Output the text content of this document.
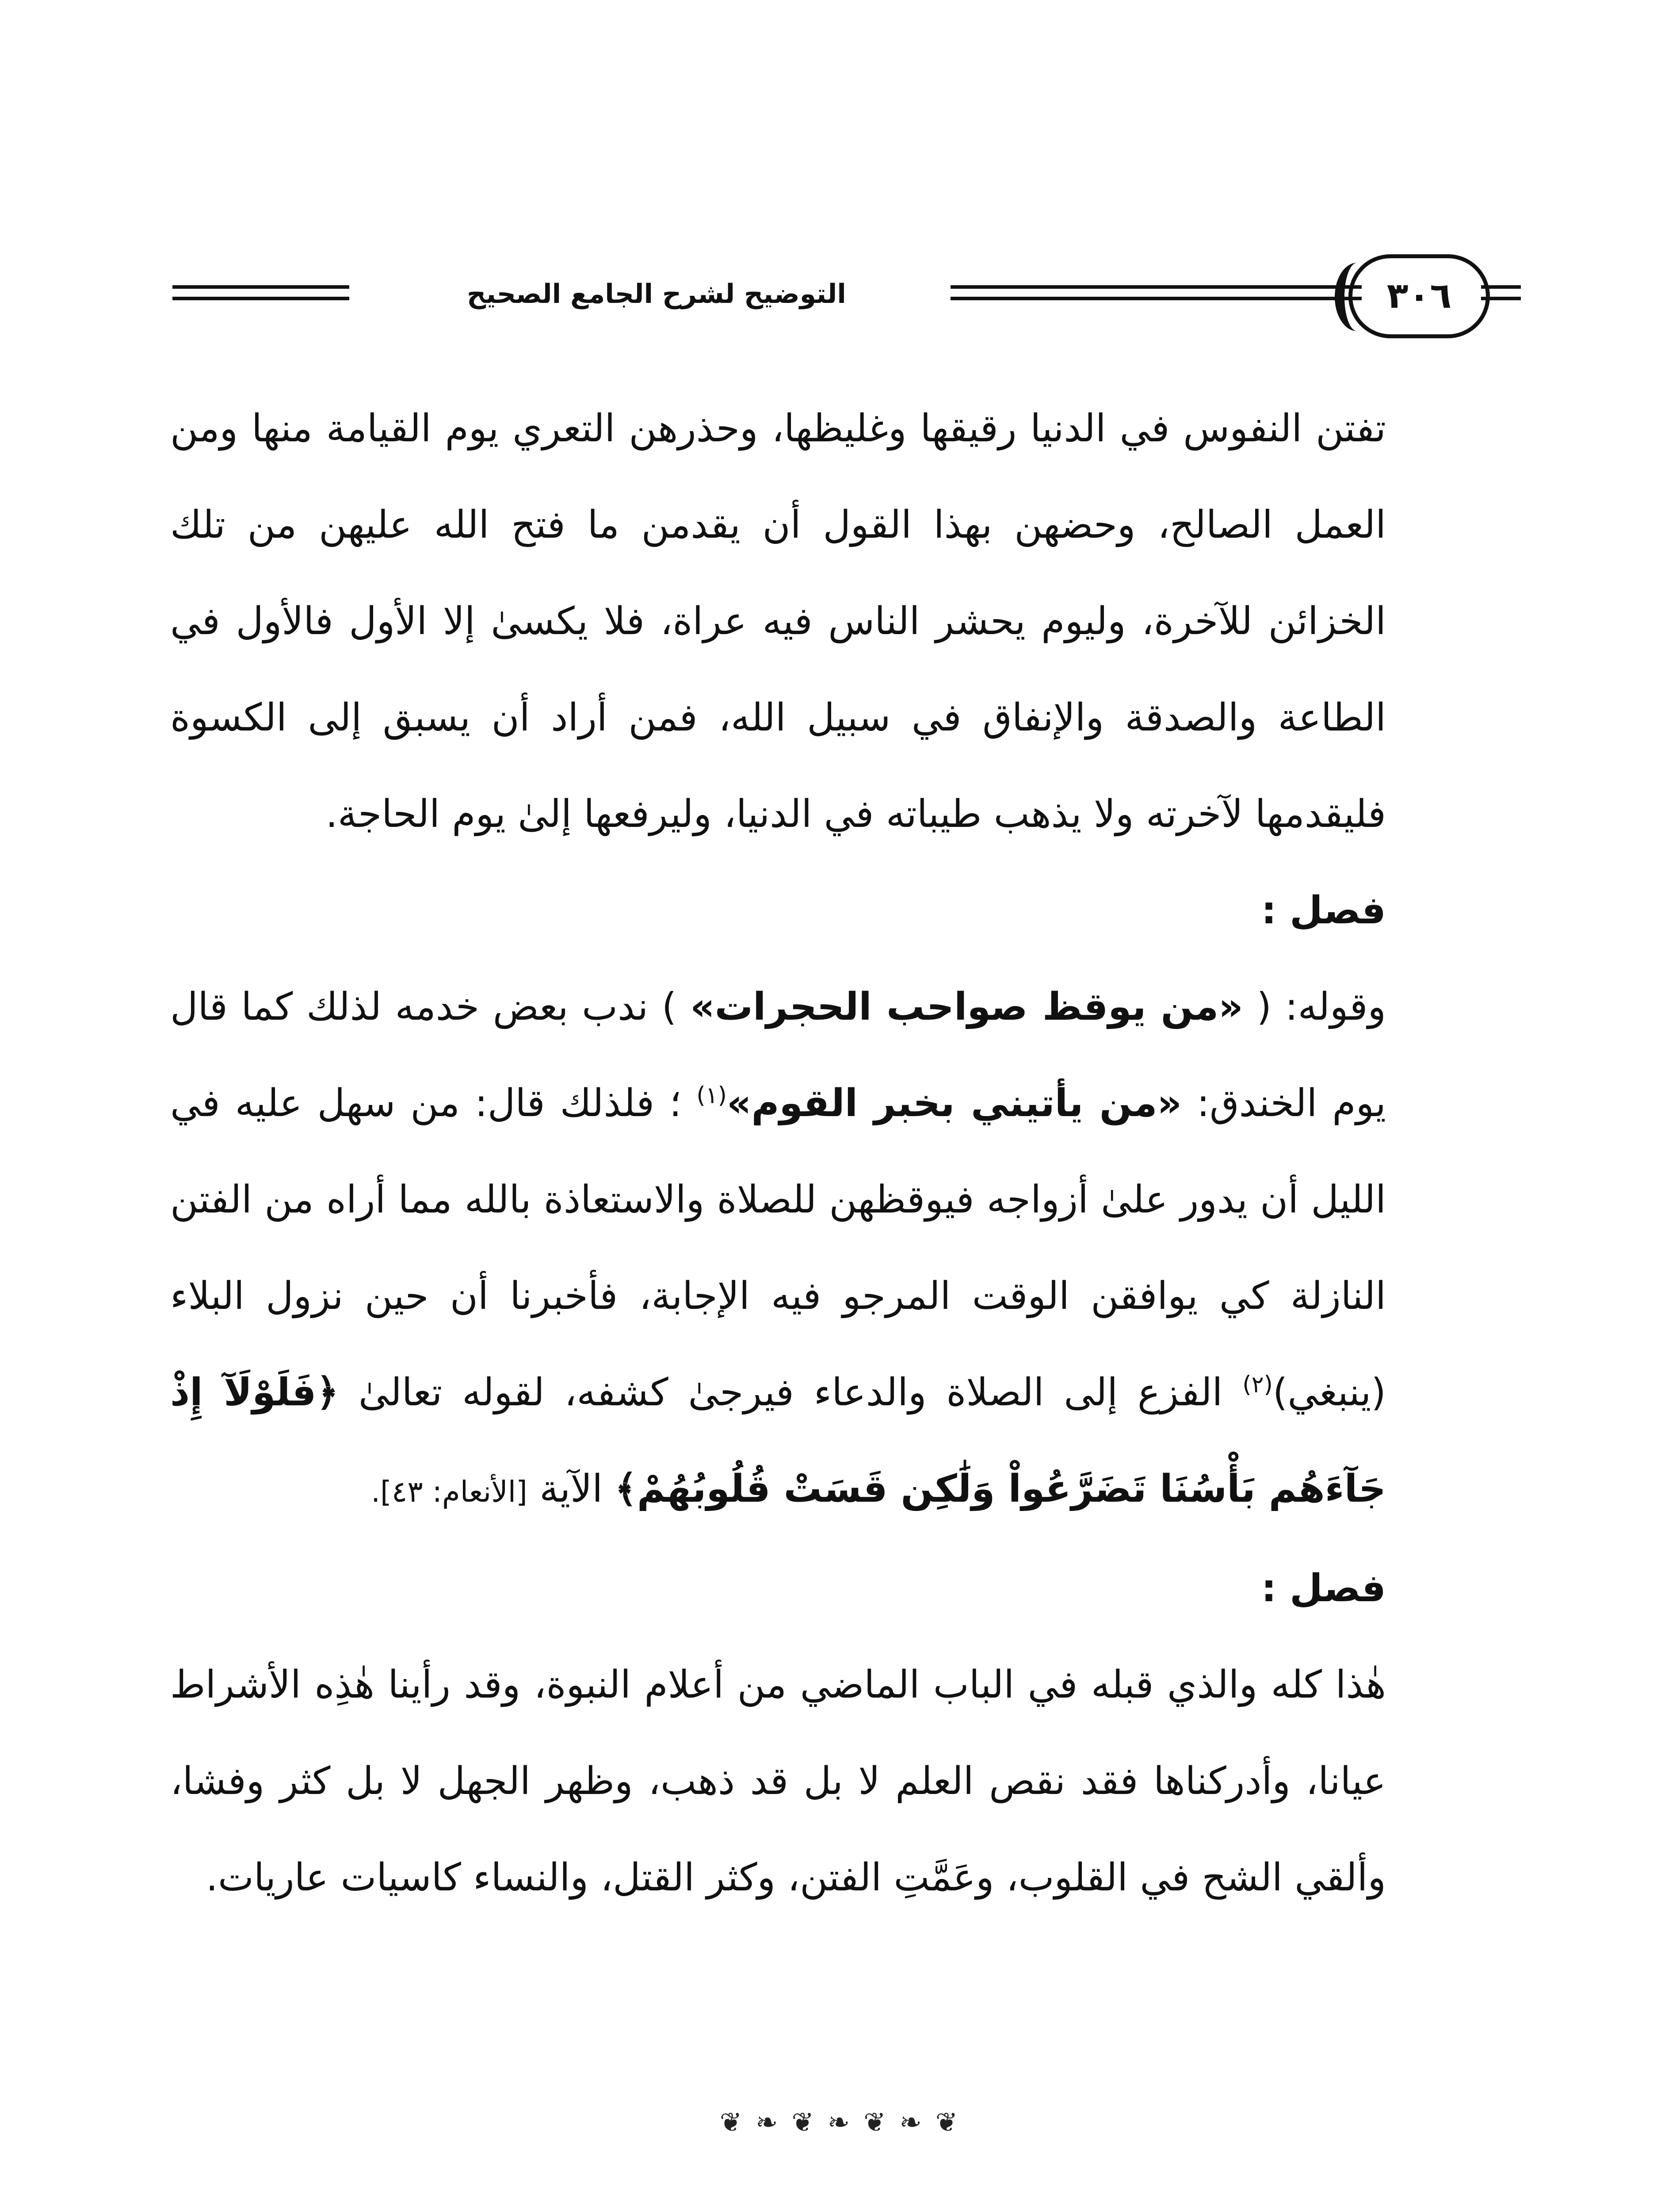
التوضيح لشرح الجامع الصحيح	٣٠٦

تفتن النفوس في الدنيا رقيقها وغليظها، وحذرهن التعري يوم القيامة منها ومن العمل الصالح، وحضهن بهذا القول أن يقدمن ما فتح الله عليهن من تلك الخزائن للآخرة، وليوم يحشر الناس فيه عراة، فلا يكسىٰ إلا الأول فالأول في الطاعة والصدقة والإنفاق في سبيل الله، فمن أراد أن يسبق إلى الكسوة فليقدمها لآخرته ولا يذهب طيباته في الدنيا، وليرفعها إلىٰ يوم الحاجة.

فصل :

وقوله: ( «من يوقظ صواحب الحجرات» ) ندب بعض خدمه لذلك كما قال يوم الخندق: «من يأتيني بخبر القوم»$^{(١)}$ ؛ فلذلك قال: من سهل عليه في الليل أن يدور علىٰ أزواجه فيوقظهن للصلاة والاستعاذة بالله مما أراه من الفتن النازلة كي يوافقن الوقت المرجو فيه الإجابة، فأخبرنا أن حين نزول البلاء (ينبغي)$^{(٢)}$ الفزع إلى الصلاة والدعاء فيرجىٰ كشفه، لقوله تعالىٰ ﴿فَلَوْلَآ إِذْ جَآءَهُم بَأْسُنَا تَضَرَّعُواْ وَلَٰكِن قَسَتْ قُلُوبُهُمْ﴾ الآية [الأنعام: ٤٣].

فصل :

هٰذا كله والذي قبله في الباب الماضي من أعلام النبوة، وقد رأينا هٰذِه الأشراط عيانا، وأدركناها فقد نقص العلم لا بل قد ذهب، وظهر الجهل لا بل كثر وفشا، وألقي الشح في القلوب، وعَمَّتِ الفتن، وكثر القتل، والنساء كاسيات عاريات.

❦ ❧ ❦ ❧ ❦ ❧ ❦
